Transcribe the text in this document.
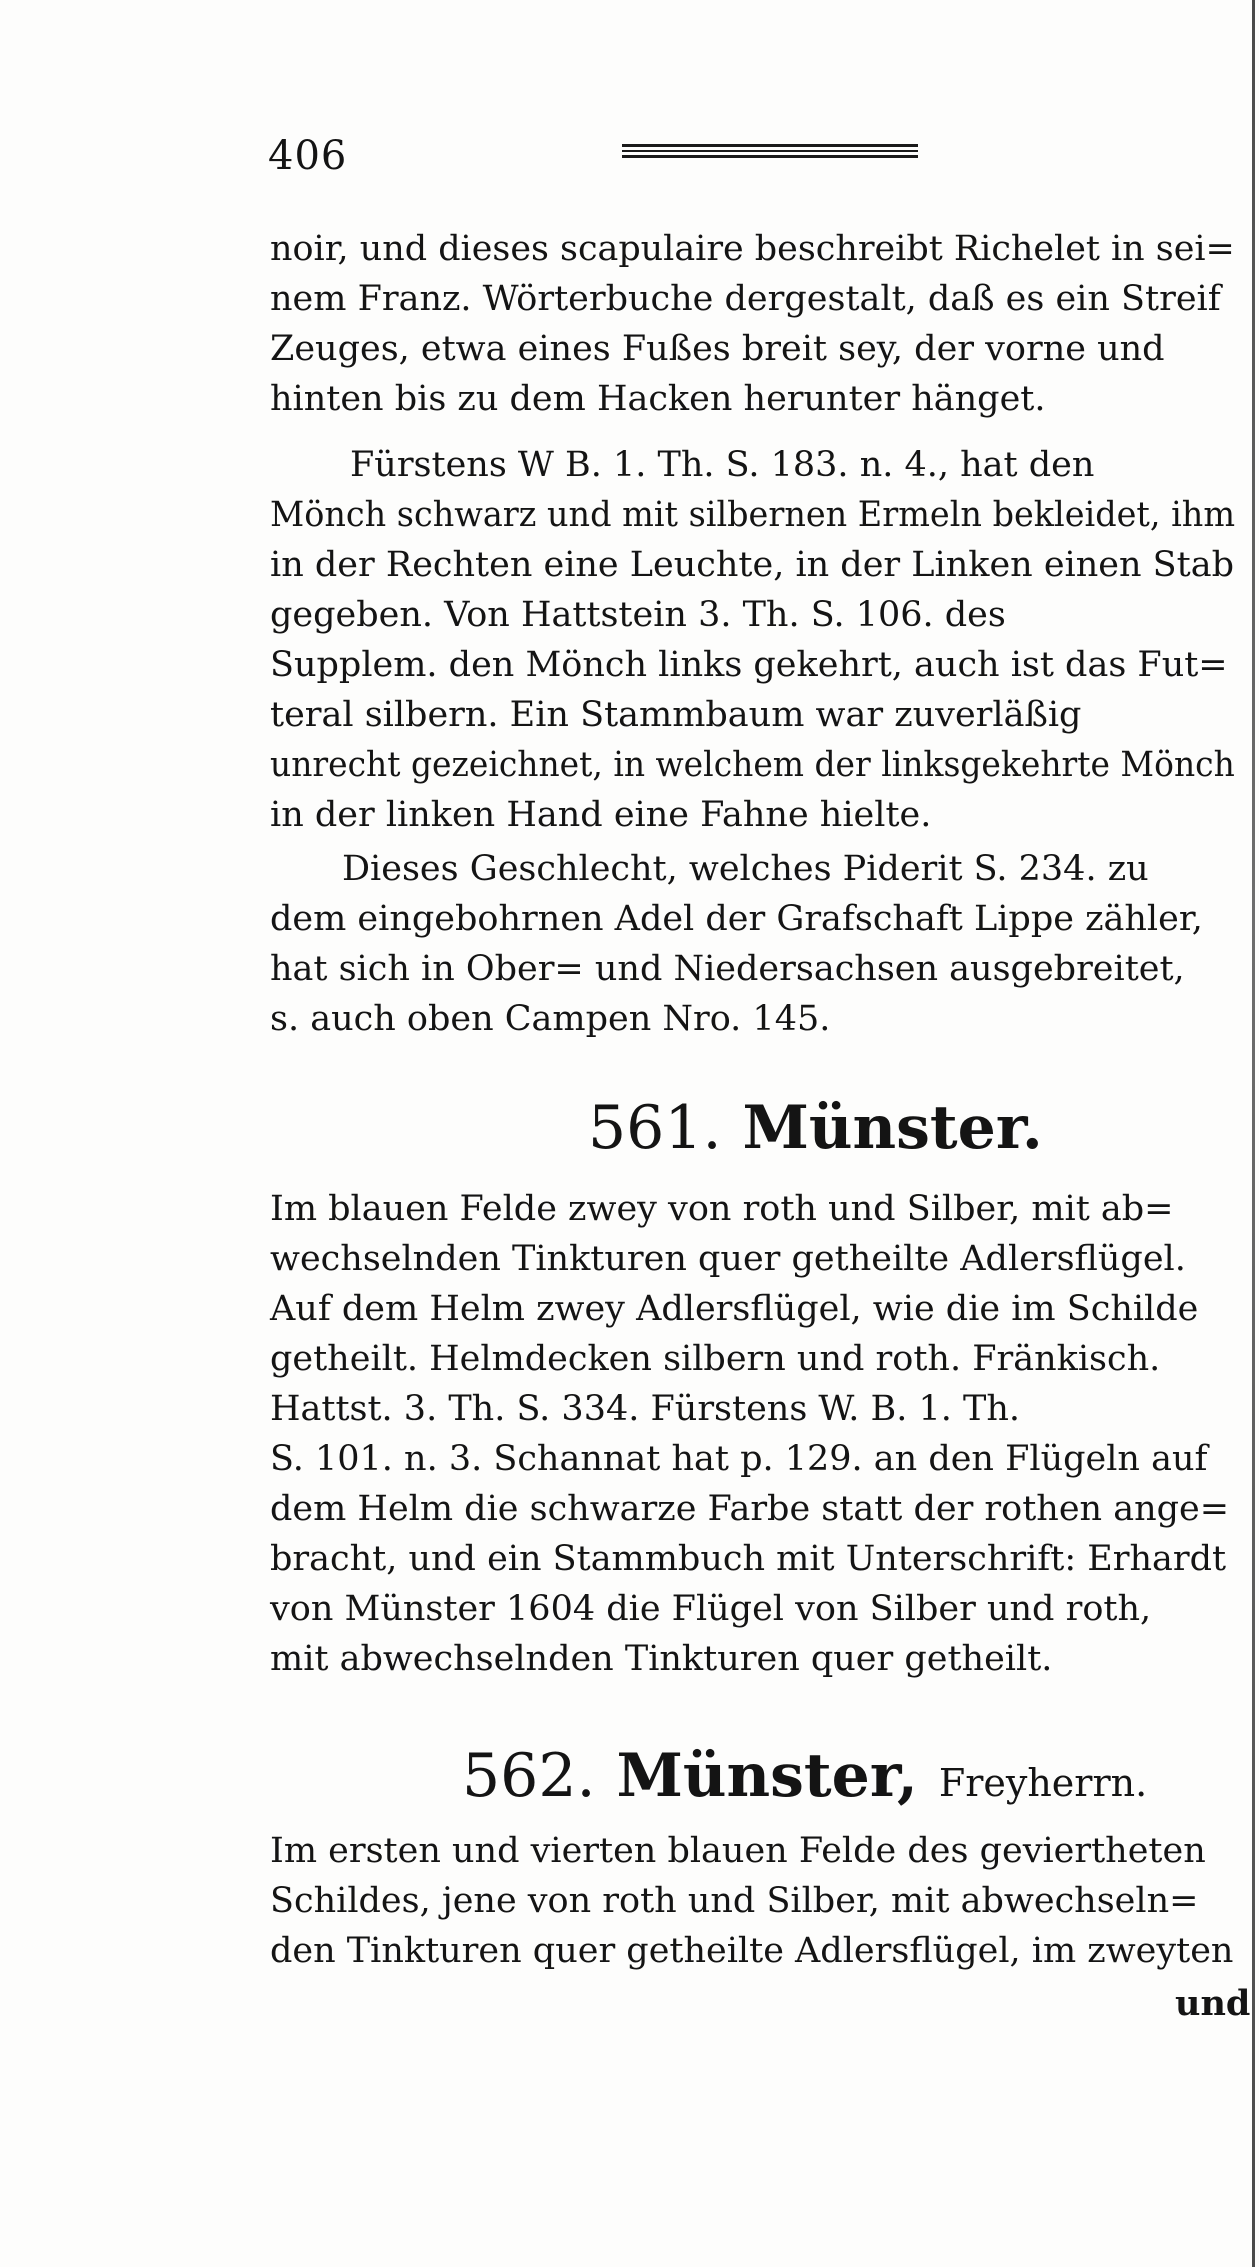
406
noir, und dieses scapulaire beschreibt Richelet in sei=
nem Franz. Wörterbuche dergestalt, daß es ein Streif
Zeuges, etwa eines Fußes breit sey, der vorne und
hinten bis zu dem Hacken herunter hänget.
Fürstens W B. 1. Th. S. 183. n. 4., hat den
Mönch schwarz und mit silbernen Ermeln bekleidet, ihm
in der Rechten eine Leuchte, in der Linken einen Stab
gegeben. Von Hattstein 3. Th. S. 106. des
Supplem. den Mönch links gekehrt, auch ist das Fut=
teral silbern. Ein Stammbaum war zuverläßig
unrecht gezeichnet, in welchem der linksgekehrte Mönch
in der linken Hand eine Fahne hielte.
Dieses Geschlecht, welches Piderit S. 234. zu
dem eingebohrnen Adel der Grafschaft Lippe zähler,
hat sich in Ober= und Niedersachsen ausgebreitet,
s. auch oben Campen Nro. 145.
561. Münster.
Im blauen Felde zwey von roth und Silber, mit ab=
wechselnden Tinkturen quer getheilte Adlersflügel.
Auf dem Helm zwey Adlersflügel, wie die im Schilde
getheilt. Helmdecken silbern und roth. Fränkisch.
Hattst. 3. Th. S. 334. Fürstens W. B. 1. Th.
S. 101. n. 3. Schannat hat p. 129. an den Flügeln auf
dem Helm die schwarze Farbe statt der rothen ange=
bracht, und ein Stammbuch mit Unterschrift: Erhardt
von Münster 1604 die Flügel von Silber und roth,
mit abwechselnden Tinkturen quer getheilt.
562. Münster, Freyherrn.
Im ersten und vierten blauen Felde des geviertheten
Schildes, jene von roth und Silber, mit abwechseln=
den Tinkturen quer getheilte Adlersflügel, im zweyten
und
